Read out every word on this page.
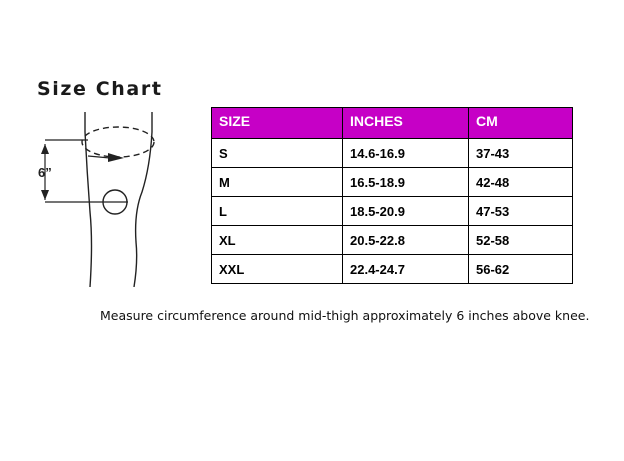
Size Chart
6”
SIZE	INCHES	CM
S	14.6-16.9	37-43
M	16.5-18.9	42-48
L	18.5-20.9	47-53
XL	20.5-22.8	52-58
XXL	22.4-24.7	56-62
Measure circumference around mid-thigh approximately 6 inches above knee.
